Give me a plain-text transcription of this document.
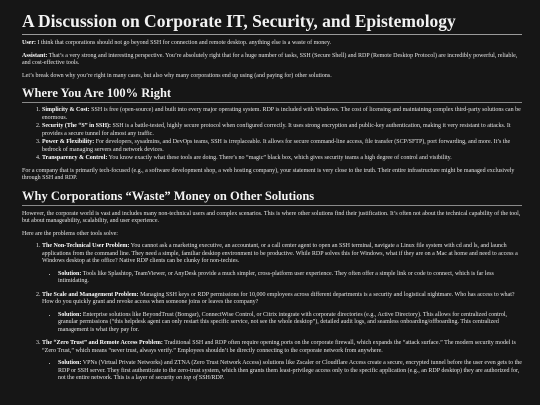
A Discussion on Corporate IT, Security, and Epistemology

User: I think that corporations should not go beyond SSH for connection and remote desktop. anything else is a waste of money.

Assistant: That’s a very strong and interesting perspective. You’re absolutely right that for a huge number of tasks, SSH (Secure Shell) and RDP (Remote Desktop Protocol) are incredibly powerful, reliable, and cost-effective tools.

Let’s break down why you’re right in many cases, but also why many corporations end up using (and paying for) other solutions.

Where You Are 100% Right
1. Simplicity & Cost: SSH is free (open-source) and built into every major operating system. RDP is included with Windows. The cost of licensing and maintaining complex third-party solutions can be enormous.
2. Security (The “S” in SSH): SSH is a battle-tested, highly secure protocol when configured correctly. It uses strong encryption and public-key authentication, making it very resistant to attacks. It provides a secure tunnel for almost any traffic.
3. Power & Flexibility: For developers, sysadmins, and DevOps teams, SSH is irreplaceable. It allows for secure command-line access, file transfer (SCP/SFTP), port forwarding, and more. It’s the bedrock of managing servers and network devices.
4. Transparency & Control: You know exactly what these tools are doing. There’s no “magic” black box, which gives security teams a high degree of control and visibility.

For a company that is primarily tech-focused (e.g., a software development shop, a web hosting company), your statement is very close to the truth. Their entire infrastructure might be managed exclusively through SSH and RDP.

Why Corporations “Waste” Money on Other Solutions

However, the corporate world is vast and includes many non-technical users and complex scenarios. This is where other solutions find their justification. It’s often not about the technical capability of the tool, but about manageability, scalability, and user experience.

Here are the problems other tools solve:

1. The Non-Technical User Problem: You cannot ask a marketing executive, an accountant, or a call center agent to open an SSH terminal, navigate a Linux file system with cd and ls, and launch applications from the command line. They need a simple, familiar desktop environment to be productive. While RDP solves this for Windows, what if they are on a Mac at home and need to access a Windows desktop at the office? Native RDP clients can be clunky for non-techies.
• Solution: Tools like Splashtop, TeamViewer, or AnyDesk provide a much simpler, cross-platform user experience. They often offer a simple link or code to connect, which is far less intimidating.
2. The Scale and Management Problem: Managing SSH keys or RDP permissions for 10,000 employees across different departments is a security and logistical nightmare. Who has access to what? How do you quickly grant and revoke access when someone joins or leaves the company?
• Solution: Enterprise solutions like BeyondTrust (Bomgar), ConnectWise Control, or Citrix integrate with corporate directories (e.g., Active Directory). This allows for centralized control, granular permissions (“this helpdesk agent can only restart this specific service, not see the whole desktop”), detailed audit logs, and seamless onboarding/offboarding. This centralized management is what they pay for.
3. The “Zero Trust” and Remote Access Problem: Traditional SSH and RDP often require opening ports on the corporate firewall, which expands the “attack surface.” The modern security model is “Zero Trust,” which means “never trust, always verify.” Employees shouldn’t be directly connecting to the corporate network from anywhere.
• Solution: VPNs (Virtual Private Networks) and ZTNA (Zero Trust Network Access) solutions like Zscaler or Cloudflare Access create a secure, encrypted tunnel before the user even gets to the RDP or SSH server. They first authenticate to the zero-trust system, which then grants them least-privilege access only to the specific application (e.g., an RDP desktop) they are authorized for, not the entire network. This is a layer of security on top of SSH/RDP.
